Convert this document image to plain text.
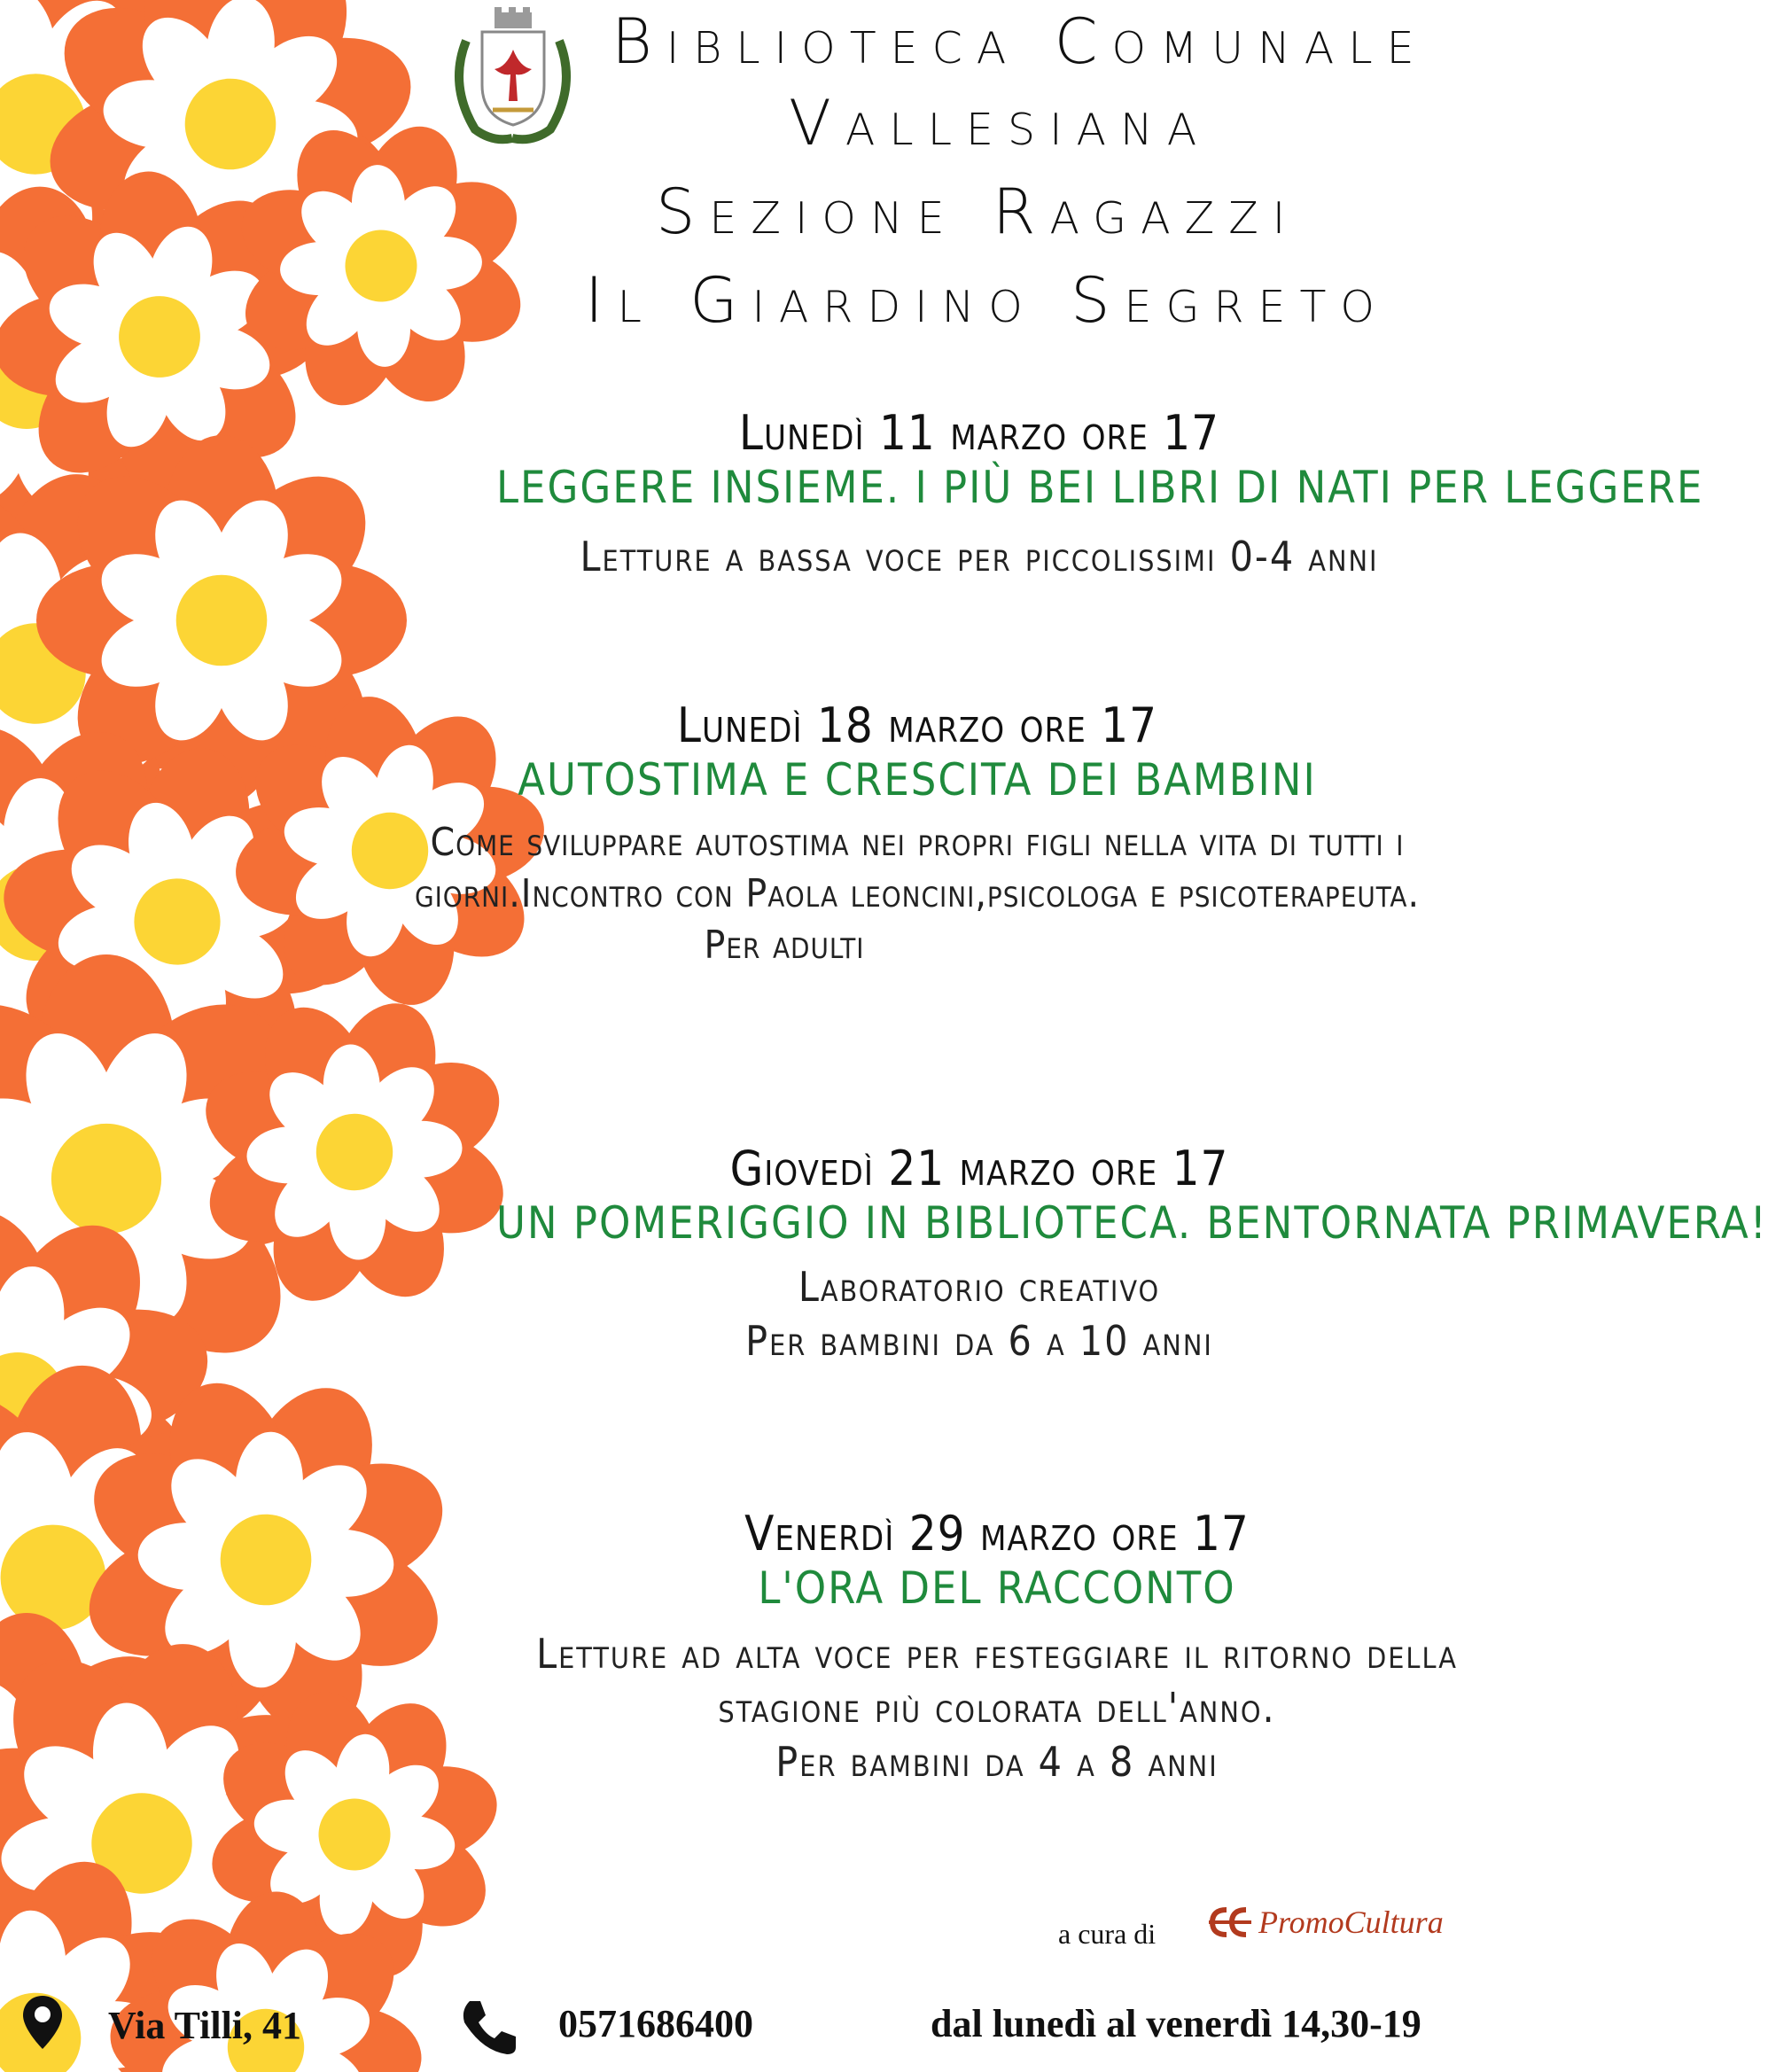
Biblioteca Comunale
Vallesiana
Sezione Ragazzi
Il Giardino Segreto
Lunedì 11 marzo ore 17
LEGGERE INSIEME. I PIÙ BEI LIBRI DI NATI PER LEGGERE
Letture a bassa voce per piccolissimi 0-4 anni
Lunedì 18 marzo ore 17
AUTOSTIMA E CRESCITA DEI BAMBINI
Come sviluppare autostima nei propri figli nella vita di tutti i
giorni.Incontro con Paola leoncini,psicologa e psicoterapeuta.
Per adulti
Giovedì 21 marzo ore 17
UN POMERIGGIO IN BIBLIOTECA. BENTORNATA PRIMAVERA!
Laboratorio creativo
Per bambini da 6 a 10 anni
Venerdì 29 marzo ore 17
L'ORA DEL RACCONTO
Letture ad alta voce per festeggiare il ritorno della
stagione più colorata dell'anno.
Per bambini da 4 a 8 anni
a cura di	PromoCultura
Via Tilli, 41	0571686400	dal lunedì al venerdì 14,30-19
